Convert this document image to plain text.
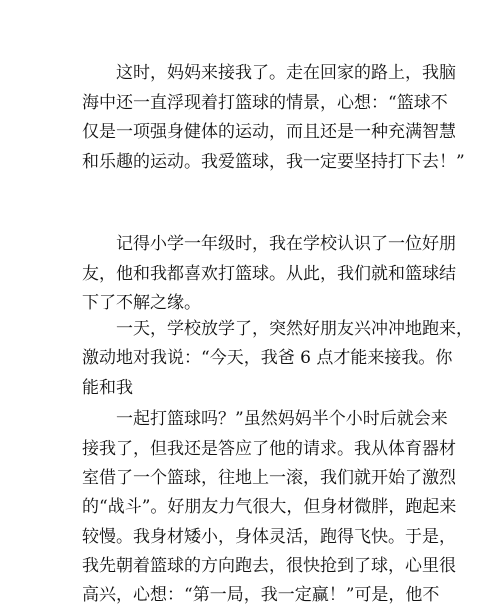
这时，妈妈来接我了。走在回家的路上，我脑
海中还一直浮现着打篮球的情景，心想：“篮球不
仅是一项强身健体的运动，而且还是一种充满智慧
和乐趣的运动。我爱篮球，我一定要坚持打下去！”
记得小学一年级时，我在学校认识了一位好朋
友，他和我都喜欢打篮球。从此，我们就和篮球结
下了不解之缘。
一天，学校放学了，突然好朋友兴冲冲地跑来，
激动地对我说：“今天，我爸 6 点才能来接我。你
能和我
一起打篮球吗？”虽然妈妈半个小时后就会来
接我了，但我还是答应了他的请求。我从体育器材
室借了一个篮球，往地上一滚，我们就开始了激烈
的“战斗”。好朋友力气很大，但身材微胖，跑起来
较慢。我身材矮小，身体灵活，跑得飞快。于是，
我先朝着篮球的方向跑去，很快抢到了球，心里很
高兴，心想：“第一局，我一定赢！”可是，他不
